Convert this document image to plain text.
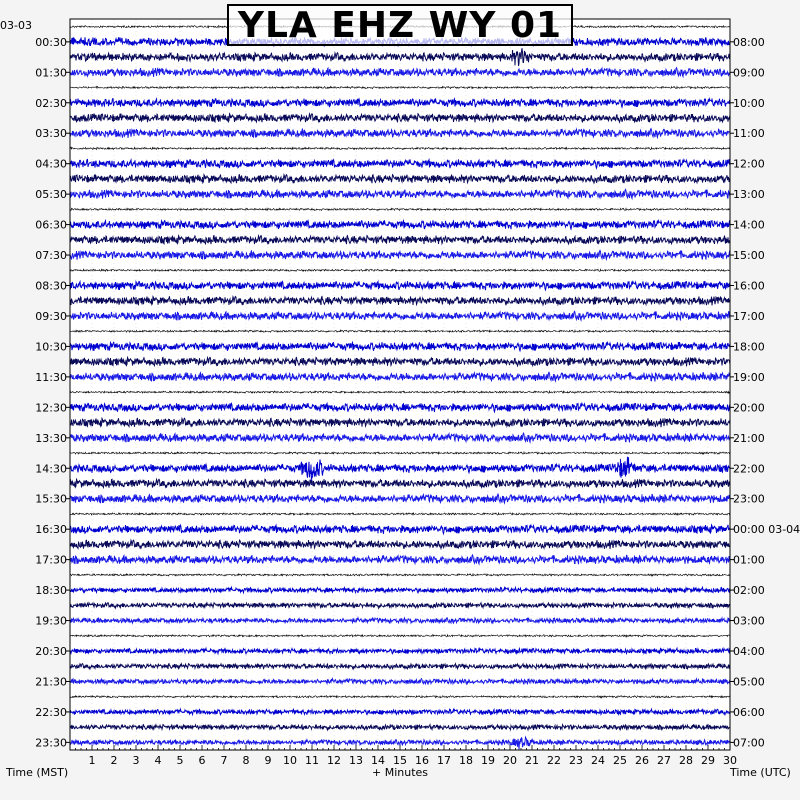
00:30
01:30
02:30
03:30
04:30
05:30
06:30
07:30
08:30
09:30
10:30
11:30
12:30
13:30
14:30
15:30
16:30
17:30
18:30
19:30
20:30
21:30
22:30
23:30
08:00
09:00
10:00
11:00
12:00
13:00
14:00
15:00
16:00
17:00
18:00
19:00
20:00
21:00
22:00
23:00
00:00 03-04
01:00
02:00
03:00
04:00
05:00
06:00
07:00
1 2 3 4 5 6 7 8 9 10 11 12 13 14 15 16 17 18 19 20 21 22 23 24 25 26 27 28 29 30
YLA EHZ WY 01
03-03
Time (MST)	+ Minutes	Time (UTC)
